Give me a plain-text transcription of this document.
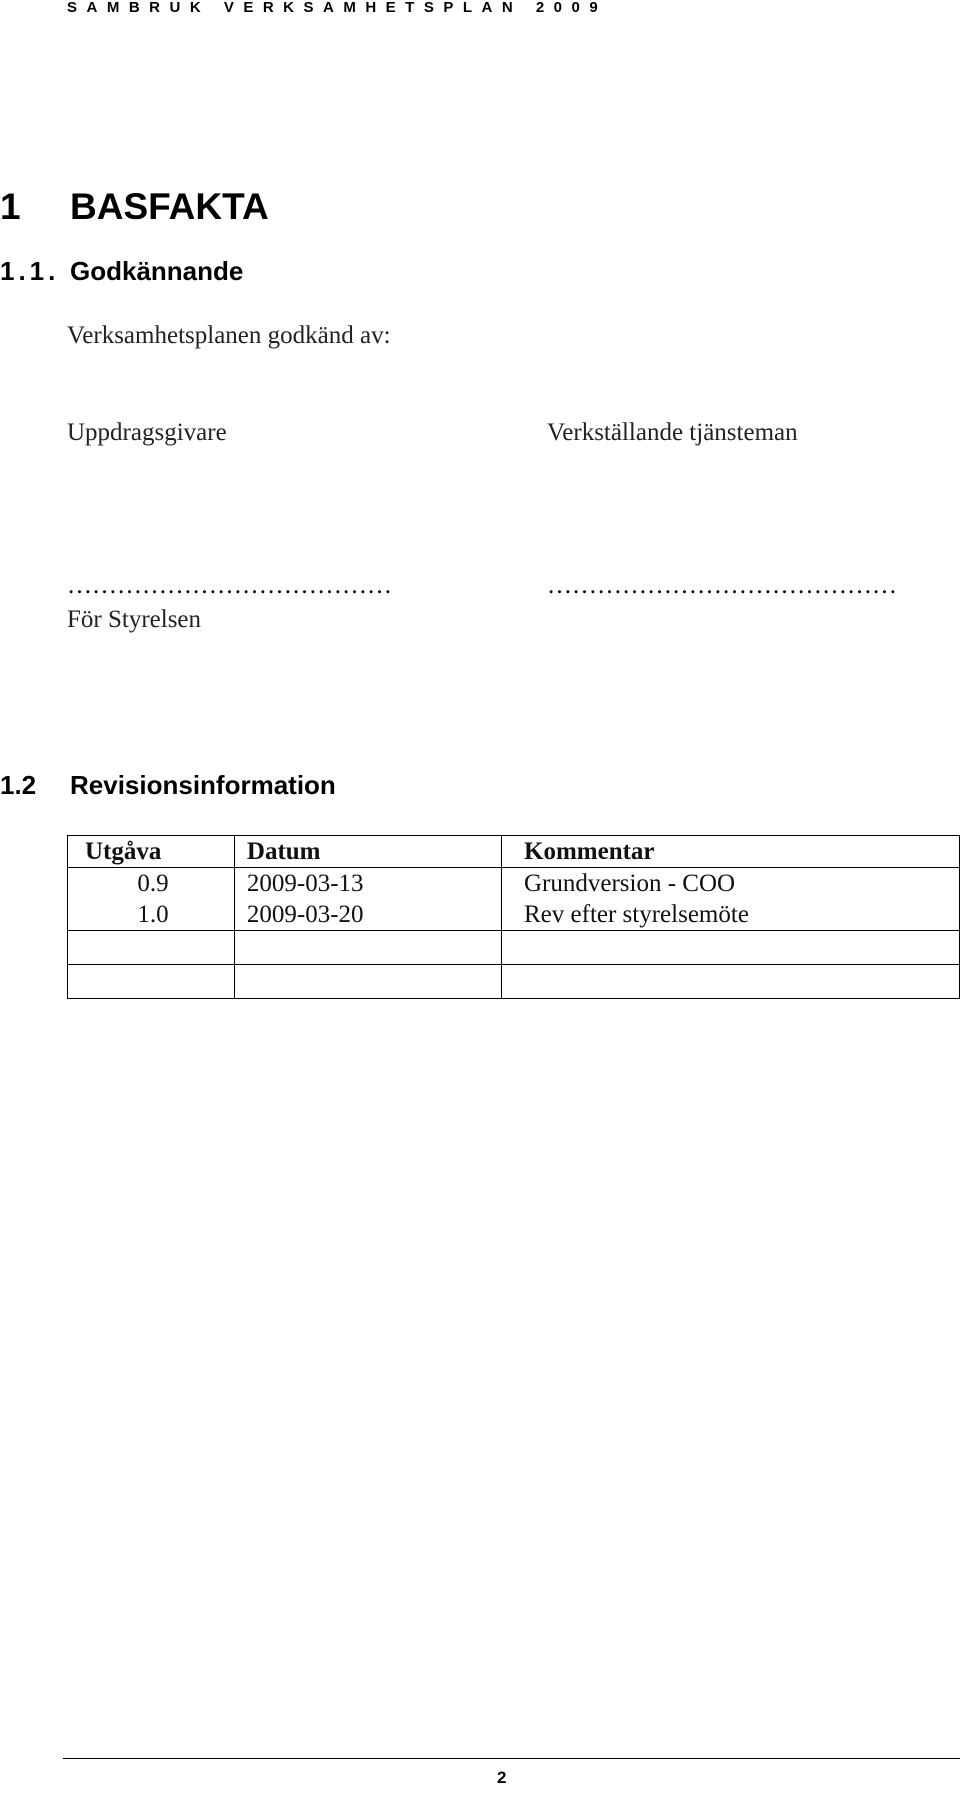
SAMBRUK VERKSAMHETSPLAN 2009
1 BASFAKTA
1.1. Godkännande
Verksamhetsplanen godkänd av:
Uppdragsgivare	Verkställande tjänsteman
…………………………………	……………………………………
För Styrelsen
1.2 Revisionsinformation
Utgåva	Datum	Kommentar
0.9	2009-03-13	Grundversion - COO
1.0	2009-03-20	Rev efter styrelsemöte

2
